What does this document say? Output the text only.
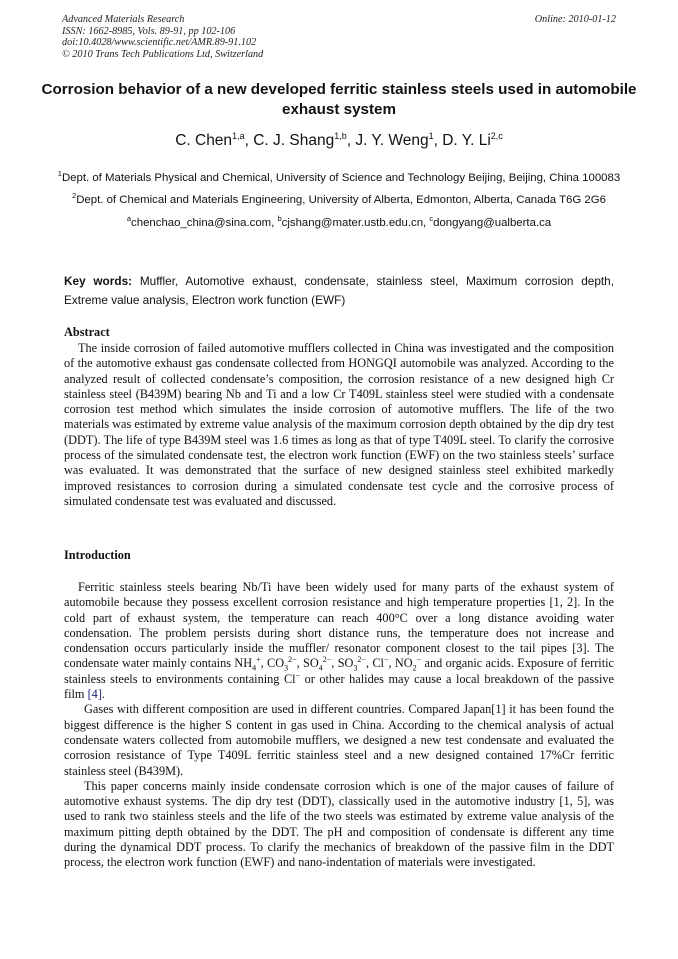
Advanced Materials Research
ISSN: 1662-8985, Vols. 89-91, pp 102-106
doi:10.4028/www.scientific.net/AMR.89-91.102
© 2010 Trans Tech Publications Ltd, Switzerland
Online: 2010-01-12
Corrosion behavior of a new developed ferritic stainless steels used in automobile exhaust system
C. Chen$^{1,a}$, C. J. Shang$^{1,b}$, J. Y. Weng$^1$, D. Y. Li$^{2,c}$
$^1$Dept. of Materials Physical and Chemical, University of Science and Technology Beijing, Beijing, China 100083
$^2$Dept. of Chemical and Materials Engineering, University of Alberta, Edmonton, Alberta, Canada T6G 2G6
$^a$chenchao_china@sina.com, $^b$cjshang@mater.ustb.edu.cn, $^c$dongyang@ualberta.ca
Key words: Muffler, Automotive exhaust, condensate, stainless steel, Maximum corrosion depth, Extreme value analysis, Electron work function (EWF)
Abstract

The inside corrosion of failed automotive mufflers collected in China was investigated and the composition of the automotive exhaust gas condensate collected from HONGQI automobile was analyzed. According to the analyzed result of collected condensate’s composition, the corrosion resistance of a new designed high Cr stainless steel (B439M) bearing Nb and Ti and a low Cr T409L stainless steel were studied with a condensate corrosion test method which simulates the inside corrosion of automotive mufflers. The life of the two materials was estimated by extreme value analysis of the maximum corrosion depth obtained by the dip dry test (DDT). The life of type B439M steel was 1.6 times as long as that of type T409L steel. To clarify the corrosive process of the simulated condensate test, the electron work function (EWF) on the two stainless steels’ surface was evaluated. It was demonstrated that the surface of new designed stainless steel exhibited markedly improved resistances to corrosion during a simulated condensate test cycle and the corrosive process of simulated condensate test was evaluated and discussed.

Introduction

Ferritic stainless steels bearing Nb/Ti have been widely used for many parts of the exhaust system of automobile because they possess excellent corrosion resistance and high temperature properties [1, 2]. In the cold part of exhaust system, the temperature can reach 400°C over a long distance avoiding water condensation. The problem persists during short distance runs, the temperature does not increase and condensation occurs particularly inside the muffler/ resonator component closest to the tail pipes [3]. The condensate water mainly contains $NH_4^+$, $CO_3^{2-}$, $SO_4^{2-}$, $SO_3^{2-}$, Cl−, $NO_2^-$ and organic acids. Exposure of ferritic stainless steels to environments containing Cl− or other halides may cause a local breakdown of the passive film [4].

Gases with different composition are used in different countries. Compared Japan[1] it has been found the biggest difference is the higher S content in gas used in China. According to the chemical analysis of actual condensate waters collected from automobile mufflers, we designed a new test condensate and evaluated the corrosion resistance of Type T409L ferritic stainless steel and a new designed contained 17%Cr ferritic stainless steel (B439M).

This paper concerns mainly inside condensate corrosion which is one of the major causes of failure of automotive exhaust systems. The dip dry test (DDT), classically used in the automotive industry [1, 5], was used to rank two stainless steels and the life of the two steels was estimated by extreme value analysis of the maximum pitting depth obtained by the DDT. The pH and composition of condensate is different any time during the dynamical DDT process. To clarify the mechanics of breakdown of the passive film in the DDT process, the electron work function (EWF) and nano-indentation of materials were investigated.
